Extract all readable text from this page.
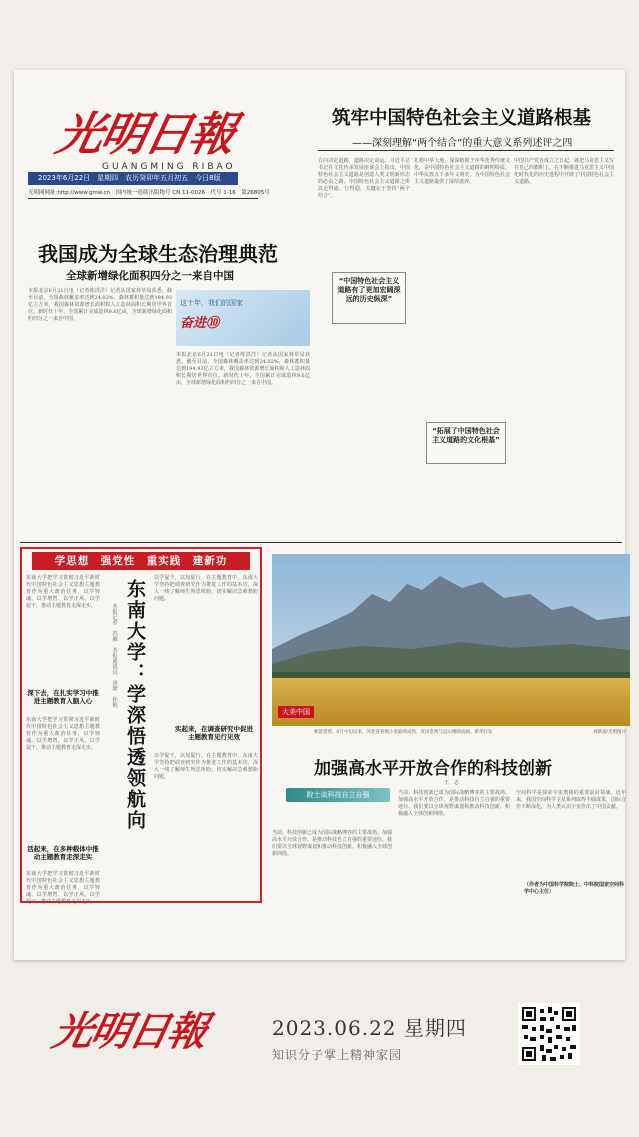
光明日報
GUANGMING RIBAO
2023年6月22日　星期四　农历癸卯年五月初五　今日8版
光明网网址:http://www.gmw.cn　国内统一连续出版物号 CN 11-0026　代号 1-16　第26805号
筑牢中国特色社会主义道路根基
——深刻理解“两个结合”的重大意义系列述评之四
方向决定道路，道路决定命运。习近平总书记在文化传承发展座谈会上指出，中国特色社会主义道路是创造人类文明新形态的必由之路。中国特色社会主义道路之所以走得通、行得稳，关键在于坚持“两个结合”。
“中国特色社会主义道路有了更加宏阔深远的历史纵深”
扎根中华大地，深深植根于中华优秀传统文化，是中国特色社会主义道路的鲜明特质。中华民族五千多年文明史，为中国特色社会主义道路提供了深厚滋养。
中国共产党自成立之日起，就把马克思主义写在自己的旗帜上，在不断推进马克思主义中国化时代化的历史进程中开辟了中国特色社会主义道路。
“拓展了中国特色社会主义道路的文化根基”
我国成为全球生态治理典范
全球新增绿化面积四分之一来自中国
本报北京6月21日电（记者练洪洋）记者从国家林草局获悉，截至目前，全国森林覆盖率达到24.02%，森林蓄积量达到194.93亿立方米，我国森林资源增长面积和人工造林面积长期居世界首位。新时代十年，全国累计完成造林9.6亿亩，全球新增绿化面积约四分之一来自中国。
这十年，我们的国家
奋进⑩
本报北京6月21日电（记者练洪洋）记者从国家林草局获悉，截至目前，全国森林覆盖率达到24.02%，森林蓄积量达到194.93亿立方米，我国森林资源增长面积和人工造林面积长期居世界首位。新时代十年，全国累计完成造林9.6亿亩，全球新增绿化面积约四分之一来自中国。
学思想　强党性　重实践　建新功
东南大学把学习贯彻习近平新时代中国特色社会主义思想主题教育作为重大政治任务，以学铸魂、以学增智、以学正风、以学促干，推动主题教育走深走实。
深下去，在扎实学习中推进主题教育入脑入心
东南大学把学习贯彻习近平新时代中国特色社会主义思想主题教育作为重大政治任务，以学铸魂、以学增智、以学正风、以学促干，推动主题教育走深走实。
活起来，在多种载体中推动主题教育走深走实
东南大学把学习贯彻习近平新时代中国特色社会主义思想主题教育作为重大政治任务，以学铸魂、以学增智、以学正风、以学促干，推动主题教育走深走实。
东南大学：学深悟透领航向
本报记者　苏雁　本报通讯员　唐瑭　孙艳
以学促干，以知促行。在主题教育中，东南大学坚持把调查研究作为推进工作的基本功，深入一线了解师生所思所盼，切实解决急难愁盼问题。
实起来，在调查研究中促进主题教育见行见效
以学促干，以知促行。在主题教育中，东南大学坚持把调查研究作为推进工作的基本功，深入一线了解师生所思所盼，切实解决急难愁盼问题。
大美中国
秋景遥望。6月中旬以来，河北省各地小麦陆续成熟，麦田金黄与远山相映成画。新华社发	刘新富/光明图片
加强高水平开放合作的科技创新
王　志
院士谈科技自立自强
当前，科技创新已成为国际战略博弈的主要战场。加强高水平开放合作，是推动科技自立自强的重要途径。我们要以全球视野谋划和推动科技创新，积极融入全球创新网络。
当前，科技创新已成为国际战略博弈的主要战场。加强高水平开放合作，是推动科技自立自强的重要途径。我们要以全球视野谋划和推动科技创新，积极融入全球创新网络。
空间科学是探索宇宙奥秘的重要前沿领域。近年来，我国空间科学卫星系列取得丰硕成果，国际合作不断深化，为人类认识宇宙作出了中国贡献。
（作者为中国科学院院士、中科院国家空间科学中心主任）
光明日報	2023.06.22 星期四
知识分子掌上精神家园
